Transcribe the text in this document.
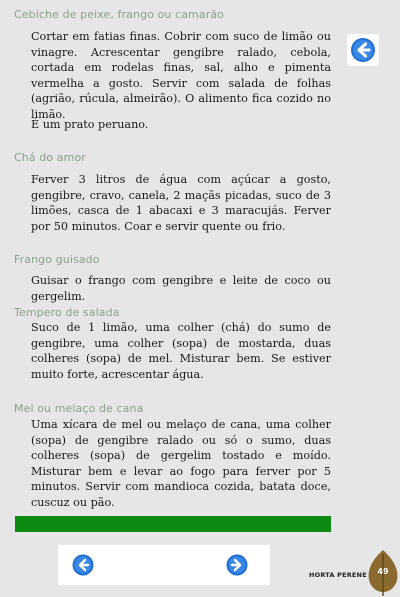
Cebiche de peixe, frango ou camarão
Cortar em fatias finas. Cobrir com suco de limão ou vinagre. Acrescentar gengibre ralado, cebola, cortada em rodelas finas, sal, alho e pimenta vermelha a gosto. Servir com salada de folhas (agrião, rúcula, almeirão). O alimento fica cozido no limão.
É um prato peruano.
Chá do amor
Ferver 3 litros de água com açúcar a gosto, gengibre, cravo, canela, 2 maçãs picadas, suco de 3 limões, casca de 1 abacaxi e 3 maracujás. Ferver por 50 minutos. Coar e servir quente ou frio.
Frango guisado
Guisar o frango com gengibre e leite de coco ou gergelim.
Tempero de salada
Suco de 1 limão, uma colher (chá) do sumo de gengibre, uma colher (sopa) de mostarda, duas colheres (sopa) de mel. Misturar bem. Se estiver muito forte, acrescentar água.
Mel ou melaço de cana
Uma xícara de mel ou melaço de cana, uma colher (sopa) de gengibre ralado ou só o sumo, duas colheres (sopa) de gergelim tostado e moído. Misturar bem e levar ao fogo para ferver por 5 minutos. Servir com mandioca cozida, batata doce, cuscuz ou pão.
HORTA PERENE	49
